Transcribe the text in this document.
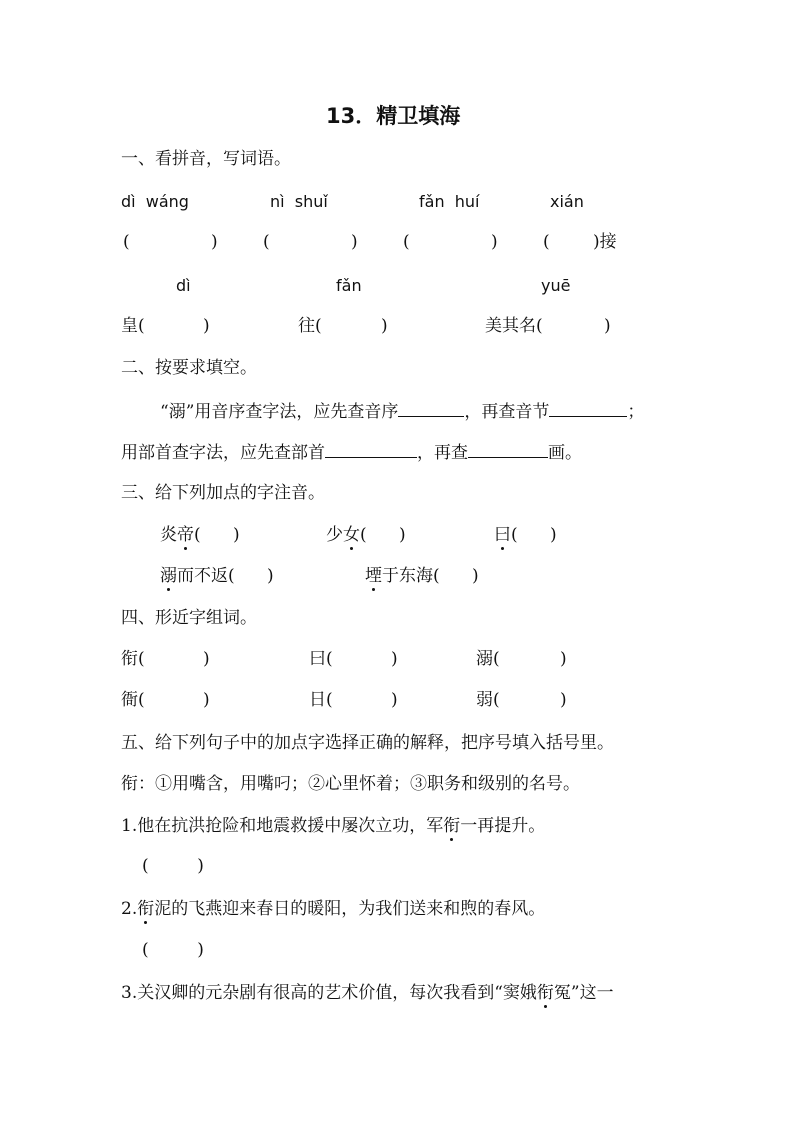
13．精卫填海
一、看拼音，写词语。
dì  wáng	nì  shuǐ	fǎn  huí	xián
(	)	(	)	(	)	(	)接
dì	fǎn	yuē
皇(	)	往(	)	美其名(	)
二、按要求填空。
“溺”用音序查字法，应先查音序	，再查音节	；
用部首查字法，应先查部首	，再查	画。
三、给下列加点的字注音。
炎帝(      )	少女(      )	曰(      )
溺而不返(      )	堙于东海(      )
四、形近字组词。
衔(	)	曰(	)	溺(	)
衙(	)	日(	)	弱(	)
五、给下列句子中的加点字选择正确的解释，把序号填入括号里。
衔：①用嘴含，用嘴叼；②心里怀着；③职务和级别的名号。
1.他在抗洪抢险和地震救援中屡次立功，军衔一再提升。
(         )
2.衔泥的飞燕迎来春日的暖阳，为我们送来和煦的春风。
(         )
3.关汉卿的元杂剧有很高的艺术价值，每次我看到“窦娥衔冤”这一
